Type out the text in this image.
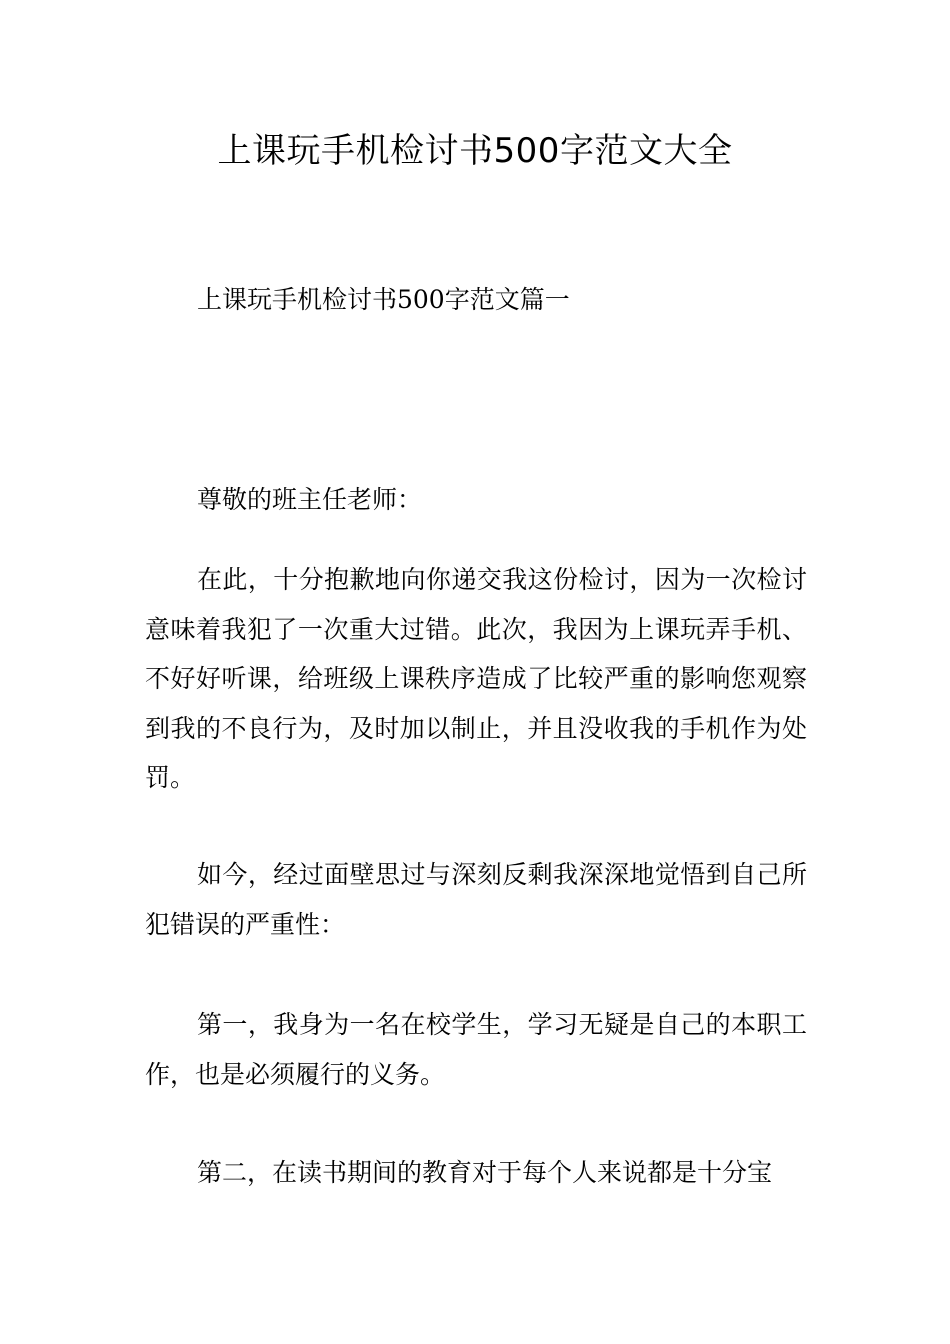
上课玩手机检讨书500字范文大全
上课玩手机检讨书500字范文篇一
尊敬的班主任老师：

在此，十分抱歉地向你递交我这份检讨，因为一次检讨意味着我犯了一次重大过错。此次，我因为上课玩弄手机、不好好听课，给班级上课秩序造成了比较严重的影响您观察到我的不良行为，及时加以制止，并且没收我的手机作为处罚。

如今，经过面壁思过与深刻反剩我深深地觉悟到自己所犯错误的严重性：

第一，我身为一名在校学生，学习无疑是自己的本职工作，也是必须履行的义务。

第二，在读书期间的教育对于每个人来说都是十分宝
